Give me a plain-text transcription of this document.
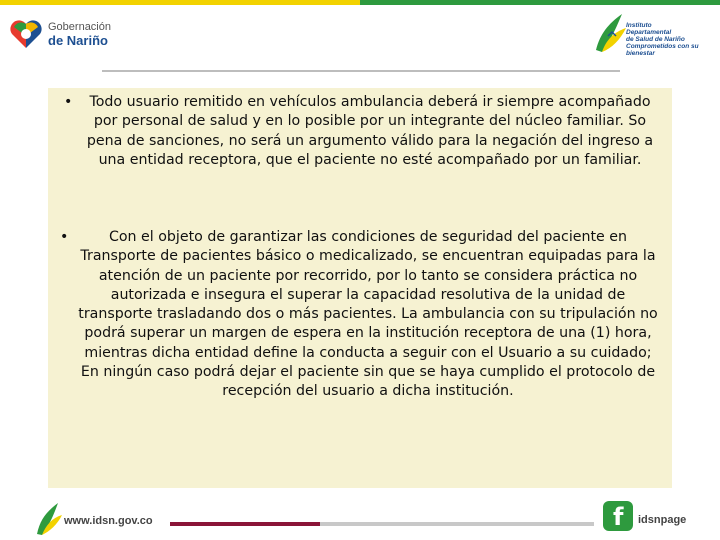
Gobernación
de Nariño
Instituto
Departamental
de Salud de Nariño
Comprometidos con su bienestar
•	Todo usuario remitido en vehículos ambulancia deberá ir siempre acompañado por personal de salud y en lo posible por un integrante del núcleo familiar. So pena de sanciones, no será un argumento válido para la negación del ingreso a una entidad receptora, que el paciente no esté acompañado por un familiar.

•	Con el objeto de garantizar las condiciones de seguridad del paciente en Transporte de pacientes básico o medicalizado, se encuentran equipadas para la atención de un paciente por recorrido, por lo tanto se considera práctica no autorizada e insegura el superar la capacidad resolutiva de la unidad de transporte trasladando dos o más pacientes. La ambulancia con su tripulación no podrá superar un margen de espera en la institución receptora de una (1) hora, mientras dicha entidad define la conducta a seguir con el Usuario a su cuidado; En ningún caso podrá dejar el paciente sin que se haya cumplido el protocolo de recepción del usuario a dicha institución.

www.idsn.gov.co	f idsnpage
